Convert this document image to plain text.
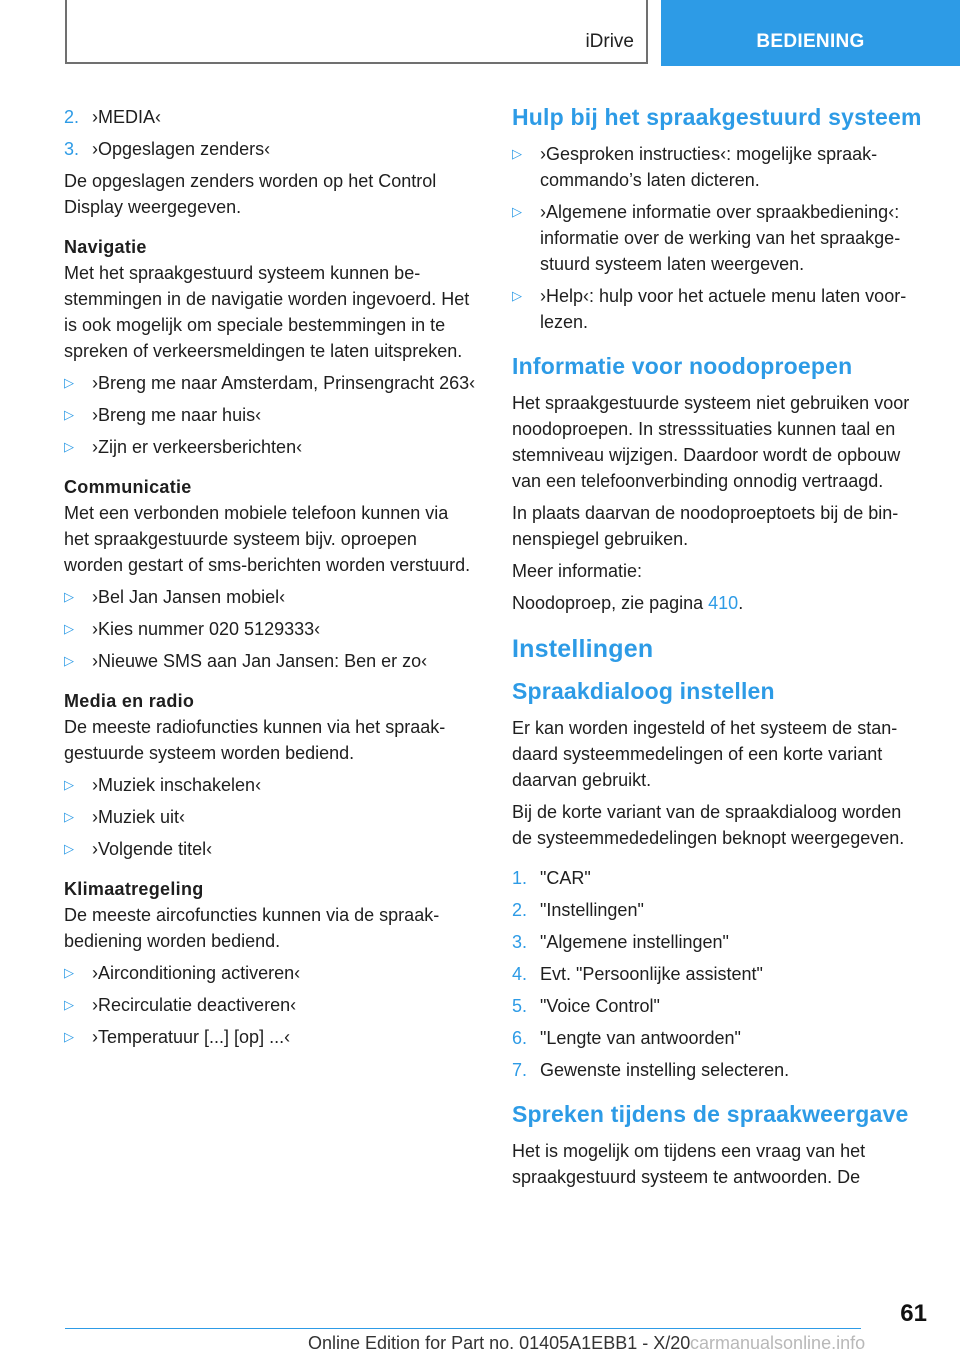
iDrive	BEDIENING
2. ›MEDIA‹
3. ›Opgeslagen zenders‹

De opgeslagen zenders worden op het Control Display weergegeven.

Navigatie

Met het spraakgestuurd systeem kunnen bestemmingen in de navigatie worden ingevoerd. Het is ook mogelijk om speciale bestemmingen in te spreken of verkeersmeldingen te laten uitspreken.

▷ ›Breng me naar Amsterdam, Prinsengracht 263‹
▷ ›Breng me naar huis‹
▷ ›Zijn er verkeersberichten‹

Communicatie

Met een verbonden mobiele telefoon kunnen via het spraakgestuurde systeem bijv. oproepen worden gestart of sms-berichten worden verstuurd.

▷ ›Bel Jan Jansen mobiel‹
▷ ›Kies nummer 020 5129333‹
▷ ›Nieuwe SMS aan Jan Jansen: Ben er zo‹

Media en radio

De meeste radiofuncties kunnen via het spraakgestuurde systeem worden bediend.

▷ ›Muziek inschakelen‹
▷ ›Muziek uit‹
▷ ›Volgende titel‹

Klimaatregeling

De meeste aircofuncties kunnen via de spraakbediening worden bediend.

▷ ›Airconditioning activeren‹
▷ ›Recirculatie deactiveren‹
▷ ›Temperatuur [...] [op] ...‹
Hulp bij het spraakgestuurd systeem
▷ ›Gesproken instructies‹: mogelijke spraakcommando’s laten dicteren.
▷ ›Algemene informatie over spraakbediening‹: informatie over de werking van het spraakgestuurd systeem laten weergeven.
▷ ›Help‹: hulp voor het actuele menu laten voorlezen.
Informatie voor noodoproepen

Het spraakgestuurde systeem niet gebruiken voor noodoproepen. In stresssituaties kunnen taal en stemniveau wijzigen. Daardoor wordt de opbouw van een telefoonverbinding onnodig vertraagd.

In plaats daarvan de noodoproeptoets bij de binnenspiegel gebruiken.

Meer informatie:

Noodoproep, zie pagina 410.

Instellingen
Spraakdialoog instellen

Er kan worden ingesteld of het systeem de standaard systeemmedelingen of een korte variant daarvan gebruikt.

Bij de korte variant van de spraakdialoog worden de systeemmededelingen beknopt weergegeven.

1. "CAR"
2. "Instellingen"
3. "Algemene instellingen"
4. Evt. "Persoonlijke assistent"
5. "Voice Control"
6. "Lengte van antwoorden"
7. Gewenste instelling selecteren.
Spreken tijdens de spraakweergave

Het is mogelijk om tijdens een vraag van het spraakgestuurd systeem te antwoorden. De

61
Online Edition for Part no. 01405A1EBB1 - X/20 carmanualsonline.info
